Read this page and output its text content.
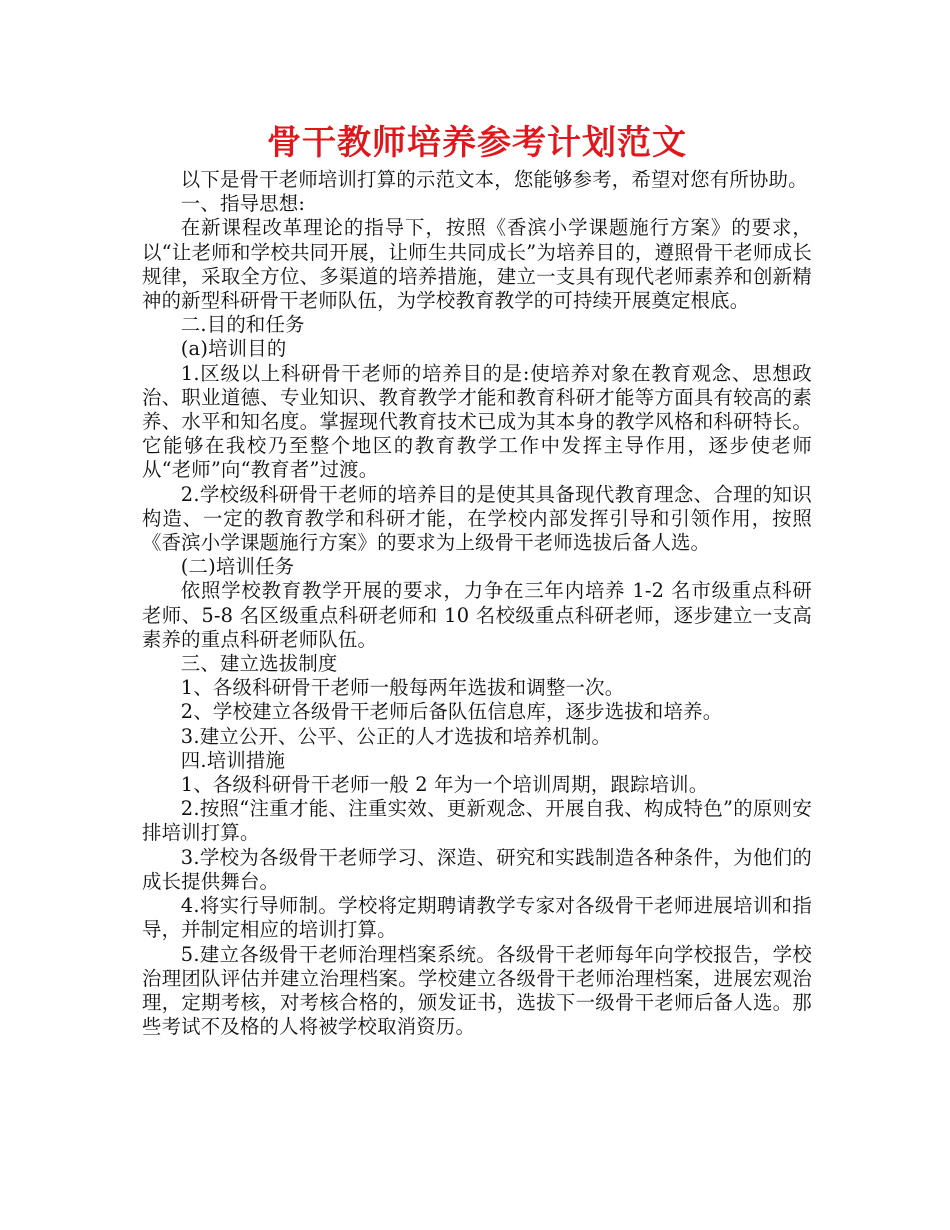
骨干教师培养参考计划范文

以下是骨干老师培训打算的示范文本，您能够参考，希望对您有所协助。

一、指导思想:

在新课程改革理论的指导下，按照《香滨小学课题施行方案》的要求，以“让老师和学校共同开展，让师生共同成长”为培养目的，遵照骨干老师成长规律，采取全方位、多渠道的培养措施，建立一支具有现代老师素养和创新精神的新型科研骨干老师队伍，为学校教育教学的可持续开展奠定根底。

二.目的和任务

(a)培训目的

1.区级以上科研骨干老师的培养目的是:使培养对象在教育观念、思想政治、职业道德、专业知识、教育教学才能和教育科研才能等方面具有较高的素养、水平和知名度。掌握现代教育技术已成为其本身的教学风格和科研特长。它能够在我校乃至整个地区的教育教学工作中发挥主导作用，逐步使老师从“老师”向“教育者”过渡。

2.学校级科研骨干老师的培养目的是使其具备现代教育理念、合理的知识构造、一定的教育教学和科研才能，在学校内部发挥引导和引领作用，按照《香滨小学课题施行方案》的要求为上级骨干老师选拔后备人选。

(二)培训任务

依照学校教育教学开展的要求，力争在三年内培养 1-2 名市级重点科研老师、5-8 名区级重点科研老师和 10 名校级重点科研老师，逐步建立一支高素养的重点科研老师队伍。

三、建立选拔制度

1、各级科研骨干老师一般每两年选拔和调整一次。

2、学校建立各级骨干老师后备队伍信息库，逐步选拔和培养。

3.建立公开、公平、公正的人才选拔和培养机制。

四.培训措施

1、各级科研骨干老师一般 2 年为一个培训周期，跟踪培训。

2.按照“注重才能、注重实效、更新观念、开展自我、构成特色”的原则安排培训打算。

3.学校为各级骨干老师学习、深造、研究和实践制造各种条件，为他们的成长提供舞台。

4.将实行导师制。学校将定期聘请教学专家对各级骨干老师进展培训和指导，并制定相应的培训打算。

5.建立各级骨干老师治理档案系统。各级骨干老师每年向学校报告，学校治理团队评估并建立治理档案。学校建立各级骨干老师治理档案，进展宏观治理，定期考核，对考核合格的，颁发证书，选拔下一级骨干老师后备人选。那些考试不及格的人将被学校取消资历。
